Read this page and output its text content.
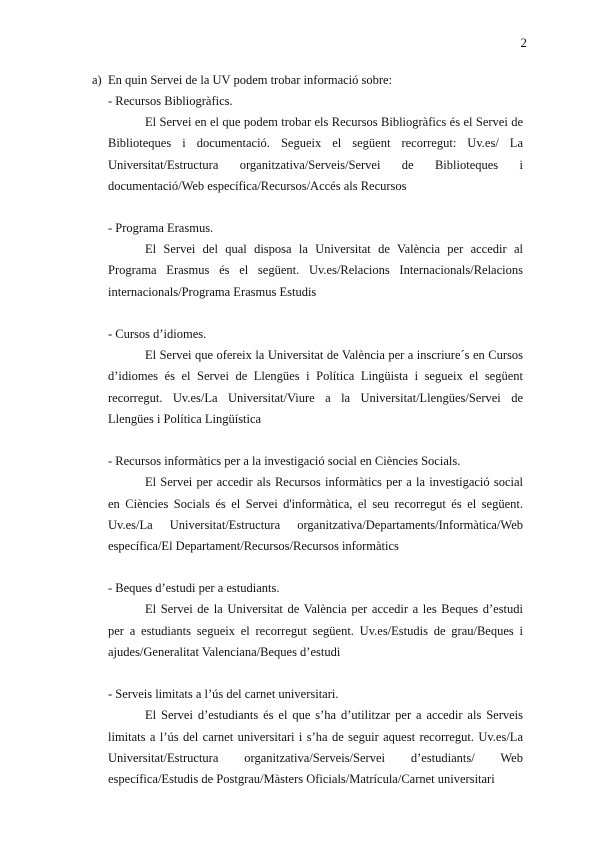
2
a) En quin Servei de la UV podem trobar informació sobre:
- Recursos Bibliogràfics.

El Servei en el que podem trobar els Recursos Bibliogràfics és el Servei de Biblioteques i documentació. Segueix el següent recorregut: Uv.es/ La Universitat/Estructura organitzativa/Serveis/Servei de Biblioteques i documentació/Web específica/Recursos/Accés als Recursos

- Programa Erasmus.

El Servei del qual disposa la Universitat de València per accedir al Programa Erasmus és el següent. Uv.es/Relacions Internacionals/Relacions internacionals/Programa Erasmus Estudis

- Cursos d’idiomes.

El Servei que ofereix la Universitat de València per a inscriure´s en Cursos d’idiomes és el Servei de Llengües i Política Lingüista i segueix el següent recorregut. Uv.es/La Universitat/Viure a la Universitat/Llengües/Servei de Llengües i Política Lingüística

- Recursos informàtics per a la investigació social en Ciències Socials.

El Servei per accedir als Recursos informàtics per a la investigació social en Ciències Socials és el Servei d'informàtica, el seu recorregut és el següent. Uv.es/La Universitat/Estructura organitzativa/Departaments/Informàtica/Web específica/El Departament/Recursos/Recursos informàtics

- Beques d’estudi per a estudiants.

El Servei de la Universitat de València per accedir a les Beques d’estudi per a estudiants segueix el recorregut següent. Uv.es/Estudis de grau/Beques i ajudes/Generalitat Valenciana/Beques d’estudi

- Serveis limitats a l’ús del carnet universitari.

El Servei d’estudiants és el que s’ha d’utilitzar per a accedir als Serveis limitats a l’ús del carnet universitari i s’ha de seguir aquest recorregut. Uv.es/La Universitat/Estructura organitzativa/Serveis/Servei d’estudiants/ Web específica/Estudis de Postgrau/Màsters Oficials/Matrícula/Carnet universitari
